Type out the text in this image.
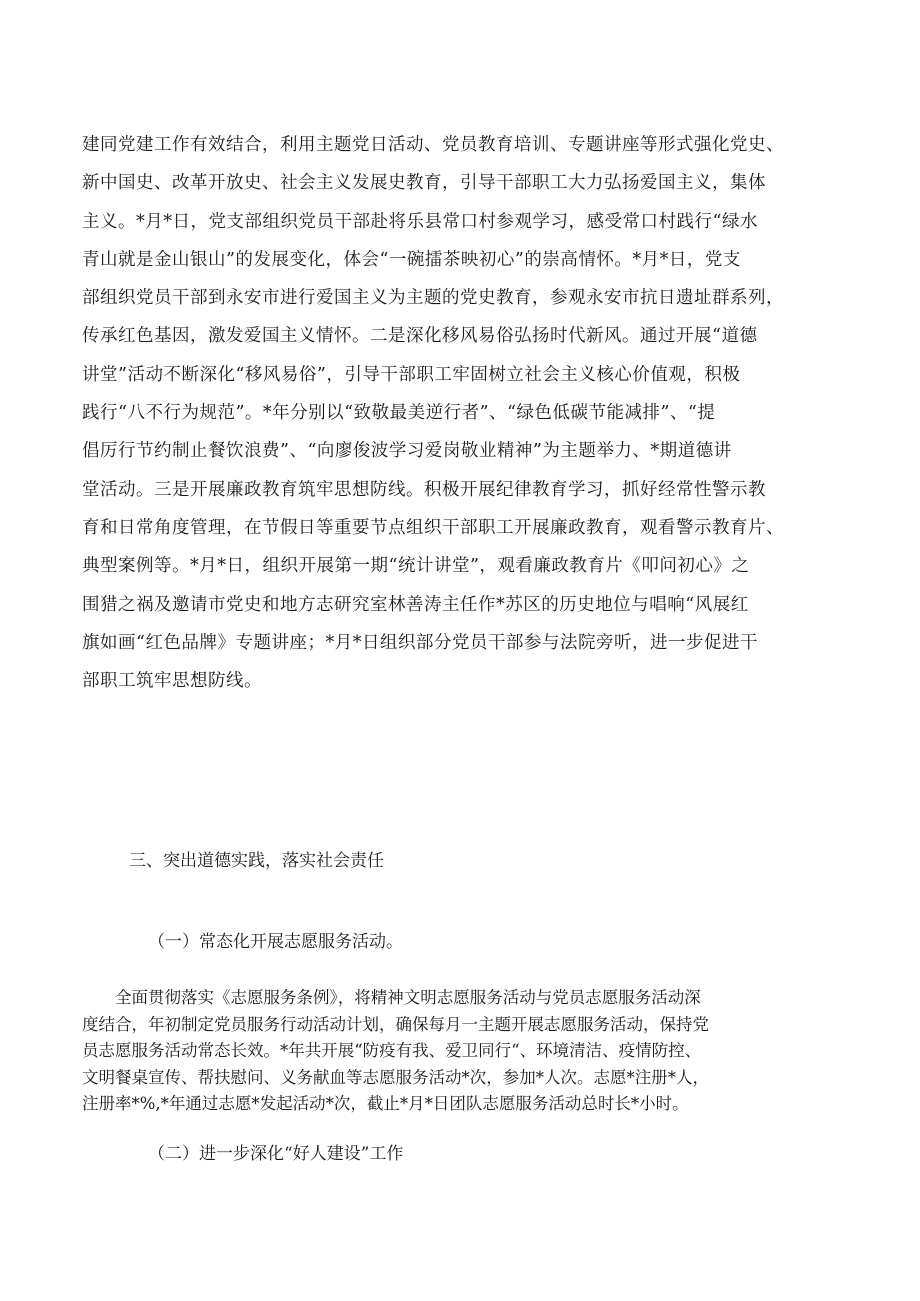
建同党建工作有效结合，利用主题党日活动、党员教育培训、专题讲座等形式强化党史、
新中国史、改革开放史、社会主义发展史教育，引导干部职工大力弘扬爱国主义，集体
主义。*月*日，党支部组织党员干部赴将乐县常口村参观学习，感受常口村践行“绿水
青山就是金山银山”的发展变化，体会“一碗擂茶映初心”的崇高情怀。*月*日，党支
部组织党员干部到永安市进行爱国主义为主题的党史教育，参观永安市抗日遗址群系列，
传承红色基因，激发爱国主义情怀。二是深化移风易俗弘扬时代新风。通过开展“道德
讲堂”活动不断深化“移风易俗”，引导干部职工牢固树立社会主义核心价值观，积极
践行“八不行为规范”。*年分别以“致敬最美逆行者”、“绿色低碳节能减排”、“提
倡厉行节约制止餐饮浪费”、“向廖俊波学习爱岗敬业精神”为主题举力、*期道德讲
堂活动。三是开展廉政教育筑牢思想防线。积极开展纪律教育学习，抓好经常性警示教
育和日常角度管理，在节假日等重要节点组织干部职工开展廉政教育，观看警示教育片、
典型案例等。*月*日，组织开展第一期“统计讲堂”，观看廉政教育片《叩问初心》之
围猎之祸及邀请市党史和地方志研究室林善涛主任作*苏区的历史地位与唱响“风展红
旗如画“红色品牌》专题讲座；*月*日组织部分党员干部参与法院旁听，进一步促进干
部职工筑牢思想防线。

三、突出道德实践，落实社会责任

（一）常态化开展志愿服务活动。

　　全面贯彻落实《志愿服务条例》，将精神文明志愿服务活动与党员志愿服务活动深
度结合，年初制定党员服务行动活动计划，确保每月一主题开展志愿服务活动，保持党
员志愿服务活动常态长效。*年共开展“防疫有我、爱卫同行“、环境清洁、疫情防控、
文明餐桌宣传、帮扶慰问、义务献血等志愿服务活动*次，参加*人次。志愿*注册*人，
注册率*%,*年通过志愿*发起活动*次，截止*月*日团队志愿服务活动总时长*小时。

（二）进一步深化“好人建设”工作
